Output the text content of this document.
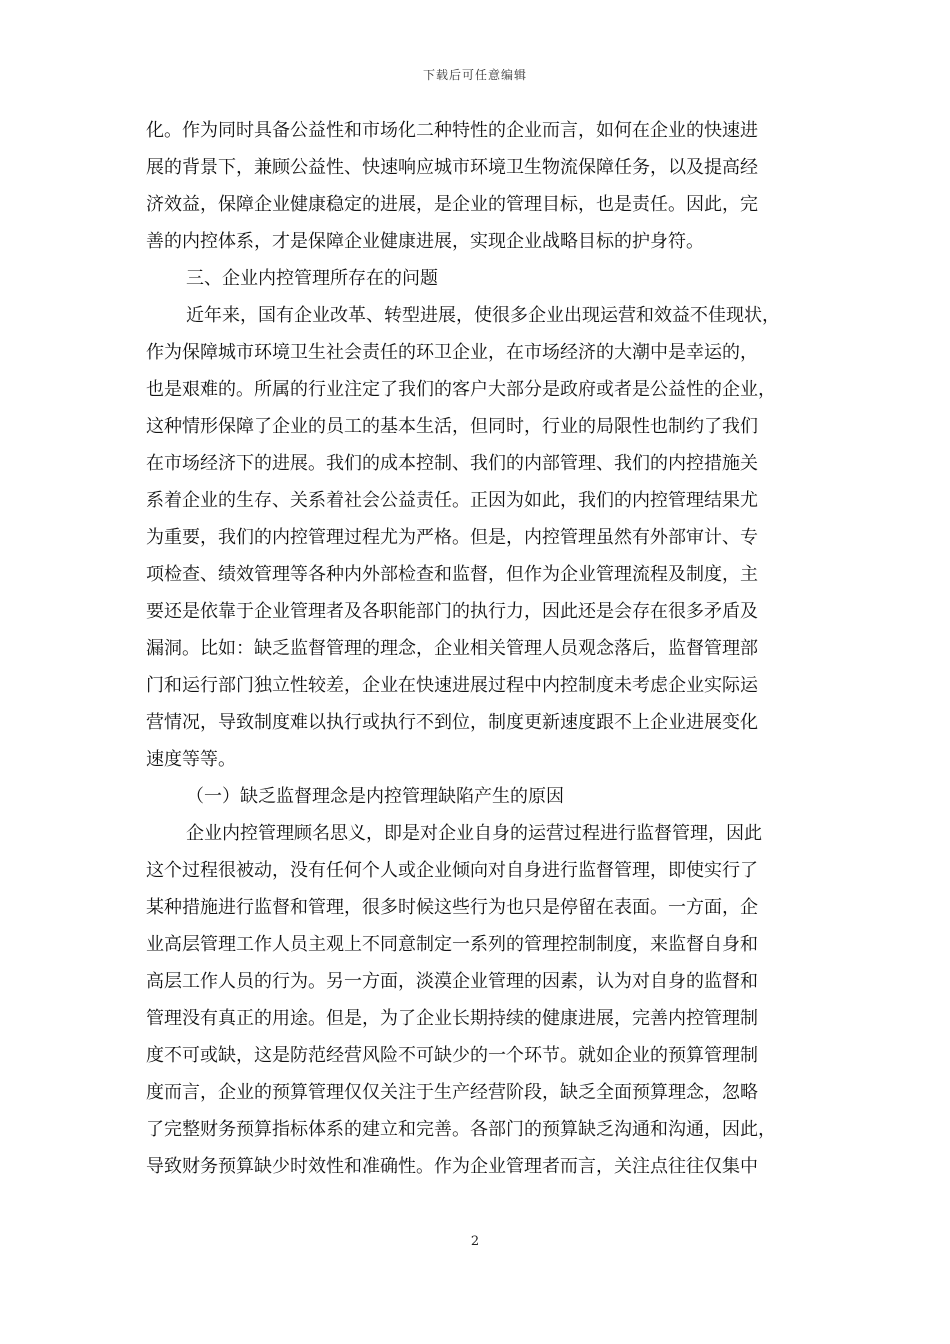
下载后可任意编辑
化。作为同时具备公益性和市场化二种特性的企业而言，如何在企业的快速进
展的背景下，兼顾公益性、快速响应城市环境卫生物流保障任务，以及提高经
济效益，保障企业健康稳定的进展，是企业的管理目标，也是责任。因此，完
善的内控体系，才是保障企业健康进展，实现企业战略目标的护身符。
三、企业内控管理所存在的问题
近年来，国有企业改革、转型进展，使很多企业出现运营和效益不佳现状，
作为保障城市环境卫生社会责任的环卫企业，在市场经济的大潮中是幸运的，
也是艰难的。所属的行业注定了我们的客户大部分是政府或者是公益性的企业，
这种情形保障了企业的员工的基本生活，但同时，行业的局限性也制约了我们
在市场经济下的进展。我们的成本控制、我们的内部管理、我们的内控措施关
系着企业的生存、关系着社会公益责任。正因为如此，我们的内控管理结果尤
为重要，我们的内控管理过程尤为严格。但是，内控管理虽然有外部审计、专
项检查、绩效管理等各种内外部检查和监督，但作为企业管理流程及制度，主
要还是依靠于企业管理者及各职能部门的执行力，因此还是会存在很多矛盾及
漏洞。比如：缺乏监督管理的理念，企业相关管理人员观念落后，监督管理部
门和运行部门独立性较差，企业在快速进展过程中内控制度未考虑企业实际运
营情况，导致制度难以执行或执行不到位，制度更新速度跟不上企业进展变化
速度等等。
（一）缺乏监督理念是内控管理缺陷产生的原因
企业内控管理顾名思义，即是对企业自身的运营过程进行监督管理，因此
这个过程很被动，没有任何个人或企业倾向对自身进行监督管理，即使实行了
某种措施进行监督和管理，很多时候这些行为也只是停留在表面。一方面，企
业高层管理工作人员主观上不同意制定一系列的管理控制制度，来监督自身和
高层工作人员的行为。另一方面，淡漠企业管理的因素，认为对自身的监督和
管理没有真正的用途。但是，为了企业长期持续的健康进展，完善内控管理制
度不可或缺，这是防范经营风险不可缺少的一个环节。就如企业的预算管理制
度而言，企业的预算管理仅仅关注于生产经营阶段，缺乏全面预算理念，忽略
了完整财务预算指标体系的建立和完善。各部门的预算缺乏沟通和沟通，因此，
导致财务预算缺少时效性和准确性。作为企业管理者而言，关注点往往仅集中
2
